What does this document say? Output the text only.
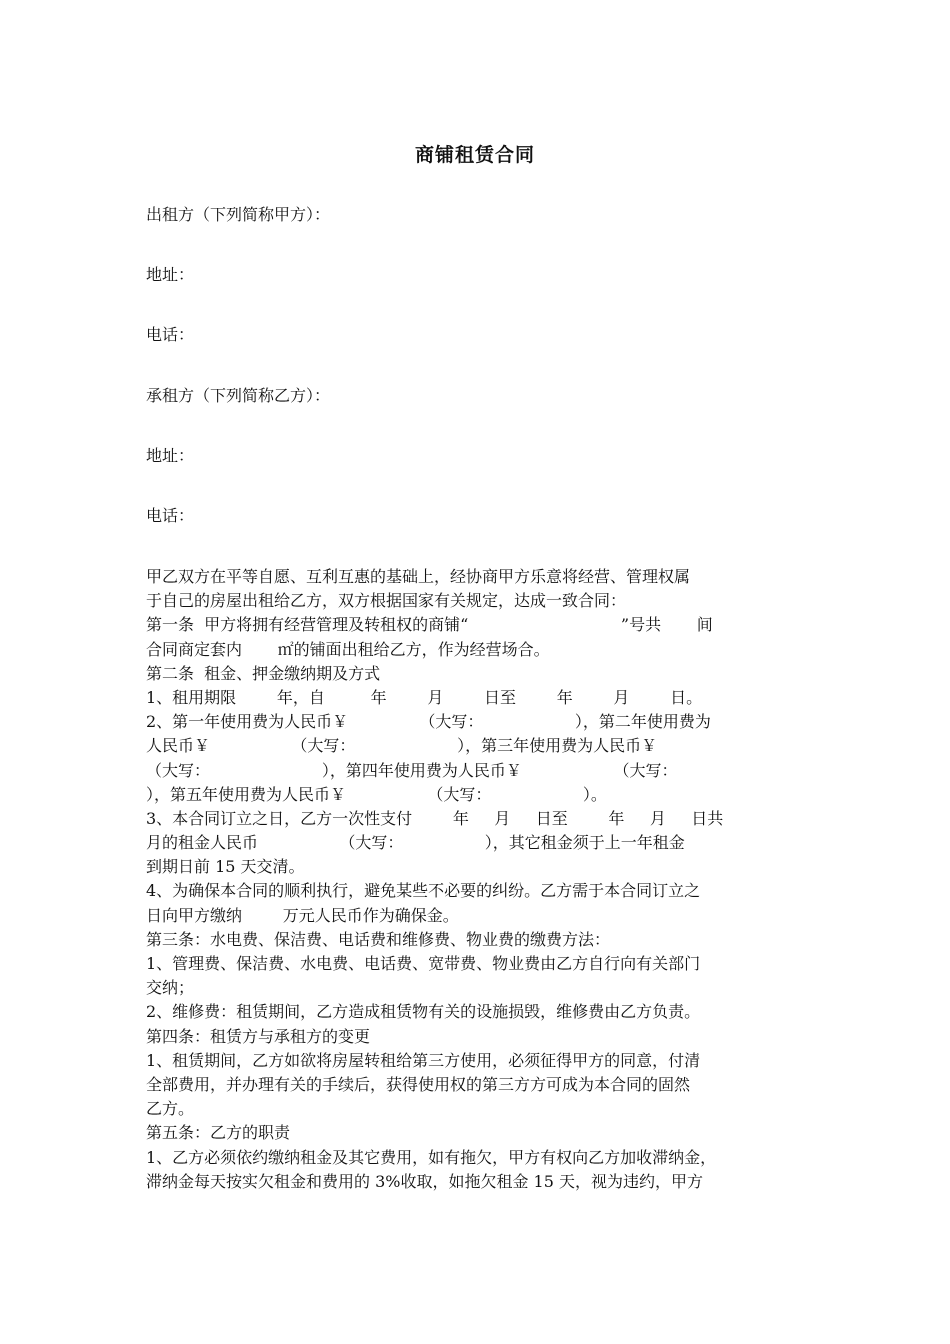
商铺租赁合同
出租方（下列简称甲方）：
地址：
电话：
承租方（下列简称乙方）：
地址：
电话：
甲乙双方在平等自愿、互利互惠的基础上，经协商甲方乐意将经营、管理权属
于自己的房屋出租给乙方，双方根据国家有关规定，达成一致合同：
第一条  甲方将拥有经营管理及转租权的商铺“                              ”号共       间
合同商定套内       ㎡的铺面出租给乙方，作为经营场合。
第二条  租金、押金缴纳期及方式
1、租用期限        年，自         年        月        日至        年        月        日。
2、第一年使用费为人民币￥              （大写：                  ），第二年使用费为
人民币￥                （大写：                    ），第三年使用费为人民币￥
（大写：                      ），第四年使用费为人民币￥                  （大写：
），第五年使用费为人民币￥                （大写：                  ）。
3、本合同订立之日，乙方一次性支付        年     月     日至        年     月     日共
月的租金人民币                （大写：                ），其它租金须于上一年租金
到期日前 15 天交清。
4、为确保本合同的顺利执行，避免某些不必要的纠纷。乙方需于本合同订立之
日向甲方缴纳        万元人民币作为确保金。
第三条：水电费、保洁费、电话费和维修费、物业费的缴费方法：
1、管理费、保洁费、水电费、电话费、宽带费、物业费由乙方自行向有关部门
交纳；
2、维修费：租赁期间，乙方造成租赁物有关的设施损毁，维修费由乙方负责。
第四条：租赁方与承租方的变更
1、租赁期间，乙方如欲将房屋转租给第三方使用，必须征得甲方的同意，付清
全部费用，并办理有关的手续后，获得使用权的第三方方可成为本合同的固然
乙方。
第五条：乙方的职责
1、乙方必须依约缴纳租金及其它费用，如有拖欠，甲方有权向乙方加收滞纳金，
滞纳金每天按实欠租金和费用的 3%收取，如拖欠租金 15 天，视为违约，甲方
